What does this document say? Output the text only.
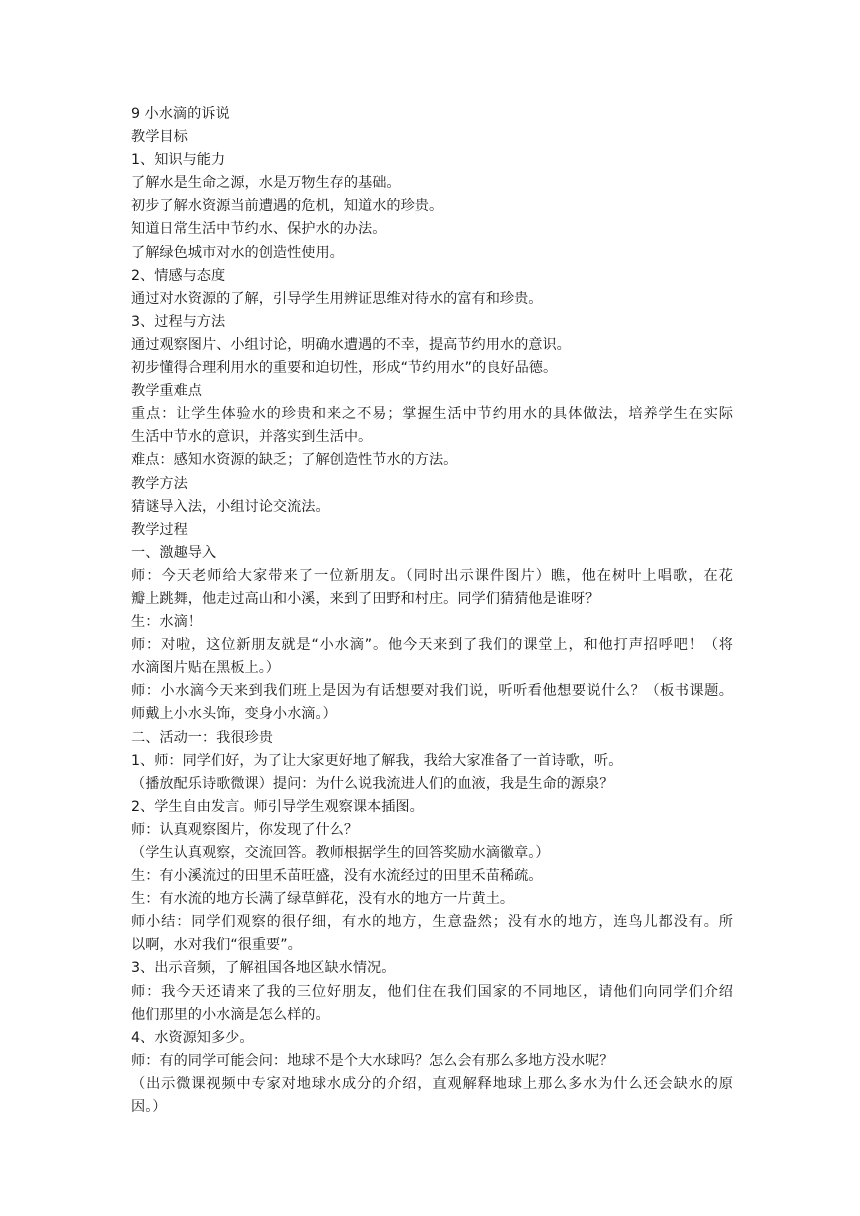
9 小水滴的诉说

教学目标

1、知识与能力

了解水是生命之源，水是万物生存的基础。

初步了解水资源当前遭遇的危机，知道水的珍贵。

知道日常生活中节约水、保护水的办法。

了解绿色城市对水的创造性使用。

2、情感与态度

通过对水资源的了解，引导学生用辨证思维对待水的富有和珍贵。

3、过程与方法

通过观察图片、小组讨论，明确水遭遇的不幸，提高节约用水的意识。

初步懂得合理利用水的重要和迫切性，形成“节约用水”的良好品德。

教学重难点

重点：让学生体验水的珍贵和来之不易；掌握生活中节约用水的具体做法，培养学生在实际

生活中节水的意识，并落实到生活中。

难点：感知水资源的缺乏；了解创造性节水的方法。

教学方法

猜谜导入法，小组讨论交流法。

教学过程

一、激趣导入

师：今天老师给大家带来了一位新朋友。（同时出示课件图片）瞧，他在树叶上唱歌，在花

瓣上跳舞，他走过高山和小溪，来到了田野和村庄。同学们猜猜他是谁呀？

生：水滴！

师：对啦，这位新朋友就是“小水滴”。他今天来到了我们的课堂上，和他打声招呼吧！（将

水滴图片贴在黑板上。）

师：小水滴今天来到我们班上是因为有话想要对我们说，听听看他想要说什么？（板书课题。

师戴上小水头饰，变身小水滴。）

二、活动一：我很珍贵

1、师：同学们好，为了让大家更好地了解我，我给大家准备了一首诗歌，听。

（播放配乐诗歌微课）提问：为什么说我流进人们的血液，我是生命的源泉？

2、学生自由发言。师引导学生观察课本插图。

师：认真观察图片，你发现了什么？

（学生认真观察，交流回答。教师根据学生的回答奖励水滴徽章。）

生：有小溪流过的田里禾苗旺盛，没有水流经过的田里禾苗稀疏。

生：有水流的地方长满了绿草鲜花，没有水的地方一片黄土。

师小结：同学们观察的很仔细，有水的地方，生意盎然；没有水的地方，连鸟儿都没有。所

以啊，水对我们“很重要”。

3、出示音频，了解祖国各地区缺水情况。

师：我今天还请来了我的三位好朋友，他们住在我们国家的不同地区，请他们向同学们介绍

他们那里的小水滴是怎么样的。

4、水资源知多少。

师：有的同学可能会问：地球不是个大水球吗？怎么会有那么多地方没水呢？

（出示微课视频中专家对地球水成分的介绍，直观解释地球上那么多水为什么还会缺水的原

因。）
